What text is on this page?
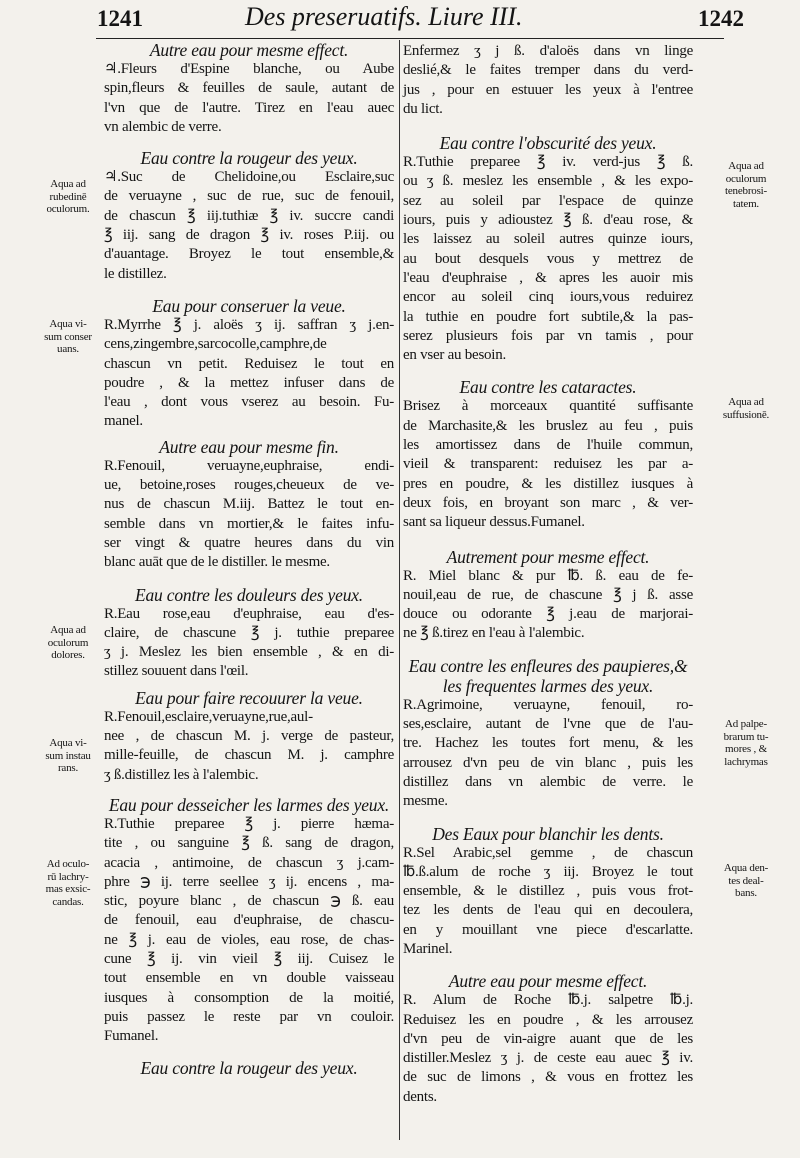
1241	Des preseruatifs. Liure III.	1242
Autre eau pour mesme effect.
♃.Fleurs d'Espine blanche, ou Aube
spin,fleurs & feuilles de saule, autant de
l'vn que de l'autre. Tirez en l'eau auec
vn alembic de verre.
Eau contre la rougeur des yeux.
♃.Suc de Chelidoine,ou Esclaire,suc
de veruayne , suc de rue, suc de fenouil,
de chascun ℥ iij.tuthiæ ℥ iv. succre candi
℥ iij. sang de dragon ℥ iv. roses P.iij. ou
d'auantage. Broyez le tout ensemble,&
le distillez.
Eau pour conseruer la veue.
R.Myrrhe ℥ j. aloës ʒ ij. saffran ʒ j.en-
cens,zingembre,sarcocolle,camphre,de
chascun vn petit. Reduisez le tout en
poudre , & la mettez infuser dans de
l'eau , dont vous vserez au besoin. Fu-
manel.
Autre eau pour mesme fin.
R.Fenouil, veruayne,euphraise, endi-
ue, betoine,roses rouges,cheueux de ve-
nus de chascun M.iij. Battez le tout en-
semble dans vn mortier,& le faites infu-
ser vingt & quatre heures dans du vin
blanc auāt que de le distiller. le mesme.
Eau contre les douleurs des yeux.
R.Eau rose,eau d'euphraise, eau d'es-
claire, de chascune ℥ j. tuthie preparee
ʒ j. Meslez les bien ensemble , & en di-
stillez souuent dans l'œil.
Eau pour faire recouurer la veue.
R.Fenouil,esclaire,veruayne,rue,aul-
nee , de chascun M. j. verge de pasteur,
mille-feuille, de chascun M. j. camphre
ʒ ß.distillez les à l'alembic.
Eau pour desseicher les larmes des yeux.
R.Tuthie preparee ℥ j. pierre hæma-
tite , ou sanguine ℥ ß. sang de dragon,
acacia , antimoine, de chascun ʒ j.cam-
phre ℈ ij. terre seellee ʒ ij. encens , ma-
stic, poyure blanc , de chascun ℈ ß. eau
de fenouil, eau d'euphraise, de chascu-
ne ℥ j. eau de violes, eau rose, de chas-
cune ℥ ij. vin vieil ℥ iij. Cuisez le
tout ensemble en vn double vaisseau
iusques à consomption de la moitié,
puis passez le reste par vn couloir.
Fumanel.
Eau contre la rougeur des yeux.
Enfermez ʒ j ß. d'aloës dans vn linge
deslié,& le faites tremper dans du verd-
jus , pour en estuuer les yeux à l'entree
du lict.
Eau contre l'obscurité des yeux.
R.Tuthie preparee ℥ iv. verd-jus ℥ ß.
ou ʒ ß. meslez les ensemble , & les expo-
sez au soleil par l'espace de quinze
iours, puis y adioustez ℥ ß. d'eau rose, &
les laissez au soleil autres quinze iours,
au bout desquels vous y mettrez de
l'eau d'euphraise , & apres les auoir mis
encor au soleil cinq iours,vous reduirez
la tuthie en poudre fort subtile,& la pas-
serez plusieurs fois par vn tamis , pour
en vser au besoin.
Eau contre les cataractes.
Brisez à morceaux quantité suffisante
de Marchasite,& les bruslez au feu , puis
les amortissez dans de l'huile commun,
vieil & transparent: reduisez les par a-
pres en poudre, & les distillez iusques à
deux fois, en broyant son marc , & ver-
sant sa liqueur dessus.Fumanel.
Autrement pour mesme effect.
R. Miel blanc & pur ℔. ß. eau de fe-
nouil,eau de rue, de chascune ℥ j ß. asse
douce ou odorante ℥ j.eau de marjorai-
ne ℥ ß.tirez en l'eau à l'alembic.
Eau contre les enfleures des paupieres,& les frequentes larmes des yeux.
R.Agrimoine, veruayne, fenouil, ro-
ses,esclaire, autant de l'vne que de l'au-
tre. Hachez les toutes fort menu, & les
arrousez d'vn peu de vin blanc , puis les
distillez dans vn alembic de verre. le
mesme.
Des Eaux pour blanchir les dents.
R.Sel Arabic,sel gemme , de chascun
℔.ß.alum de roche ʒ iij. Broyez le tout
ensemble, & le distillez , puis vous frot-
tez les dents de l'eau qui en decoulera,
en y mouillant vne piece d'escarlatte.
Marinel.
Autre eau pour mesme effect.
R. Alum de Roche ℔.j. salpetre ℔.j.
Reduisez les en poudre , & les arrousez
d'vn peu de vin-aigre auant que de les
distiller.Meslez ʒ j. de ceste eau auec ℥ iv.
de suc de limons , & vous en frottez les
dents.
Aqua ad
rubedinē
oculorum.
Aqua vi-
sum conser
uans.
Aqua ad
oculorum
dolores.
Aqua vi-
sum instau
rans.
Ad oculo-
rū lachry-
mas exsic-
candas.
Aqua ad
oculorum
tenebrosi-
tatem.
Aqua ad
suffusionē.
Ad palpe-
brarum tu-
mores , &
lachrymas
Aqua den-
tes deal-
bans.
